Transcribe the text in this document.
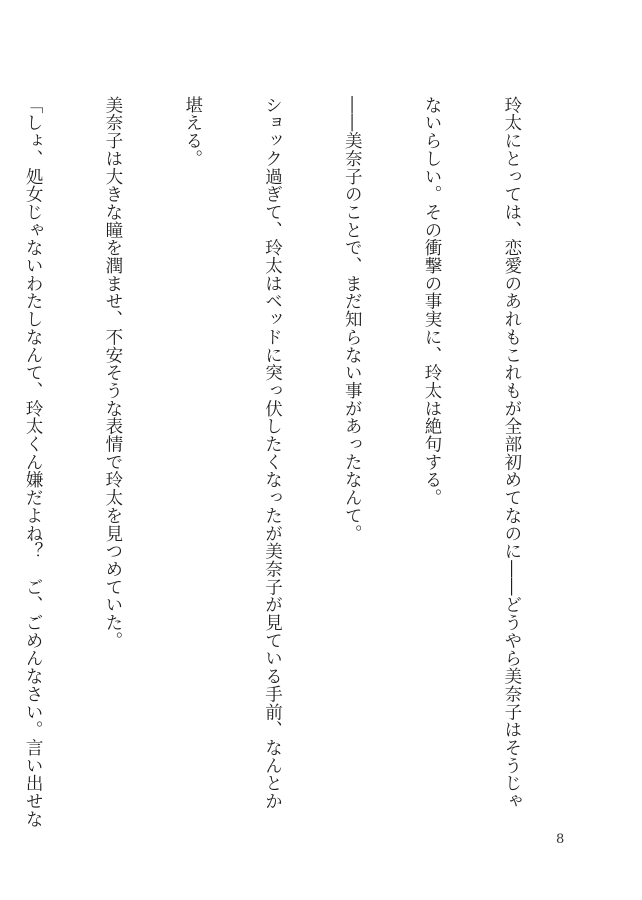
玲太にとっては、恋愛のあれもこれもが全部初めてなのに――どうやら美奈子はそうじゃ

ないらしい。その衝撃の事実に、玲太は絶句する。

――美奈子のことで、まだ知らない事があったなんて。

ショック過ぎて、玲太はベッドに突っ伏したくなったが美奈子が見ている手前、なんとか

堪える。

美奈子は大きな瞳を潤ませ、不安そうな表情で玲太を見つめていた。

「しょ、処女じゃないわたしなんて、玲太くん嫌だよね？　ご、ごめんなさい。言い出せな

8
